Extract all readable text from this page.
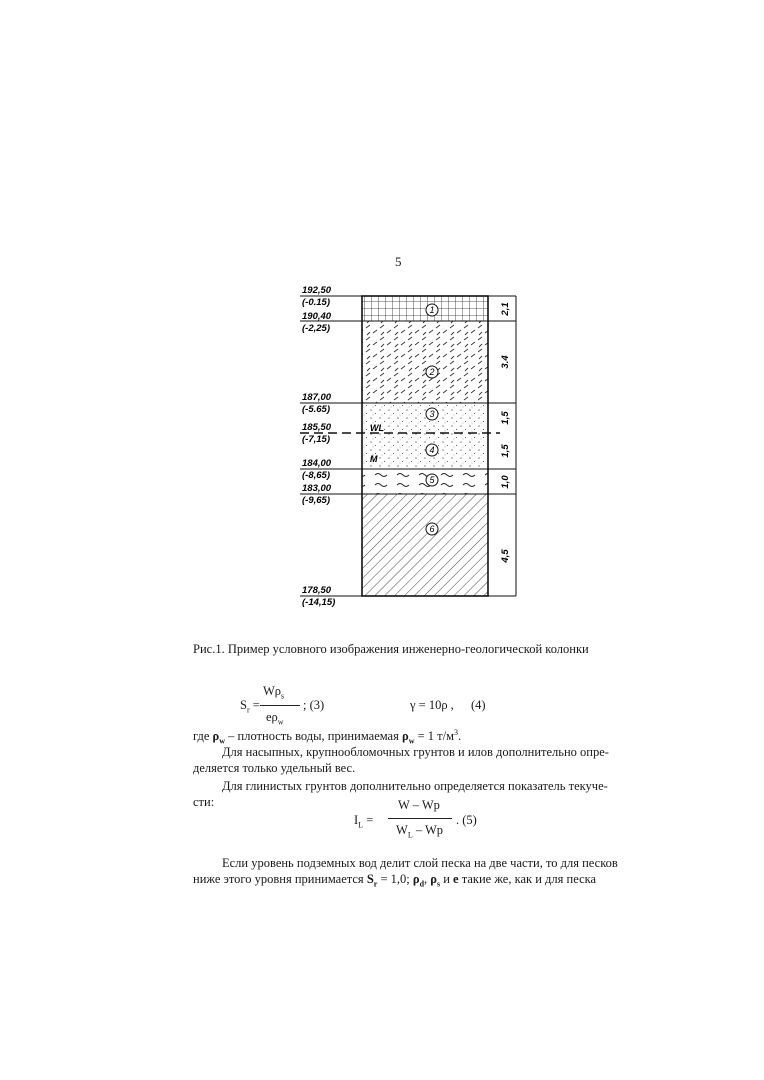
5
1
2
3
4
5
6
WL
M
192,50
(-0.15)
190,40
(-2,25)
187,00
(-5.65)
185,50
(-7,15)
184,00
(-8,65)
183,00
(-9,65)
178,50
(-14,15)
2,1
3.4
1,5
1,5
1,0
4,5
Рис.1. Пример условного изображения инженерно-геологической колонки
$S_r$ =
$W\rho_s$
$e\rho_w$
; (3)	γ = 10ρ , (4)
где $\rho_w$ – плотность воды, принимаемая $\rho_w = 1$ $т/м^3$.
Для насыпных, крупнообломочных грунтов и илов дополнительно опре-
деляется только удельный вес.
Для глинистых грунтов дополнительно определяется показатель текуче-
сти:
$I_L$ =
W – Wp
$W_L$ – Wp
. (5)
Если уровень подземных вод делит слой песка на две части, то для песков
ниже этого уровня принимается $S_r = 1,0$; $\rho_d$, $\rho_s$ и e такие же, как и для песка
